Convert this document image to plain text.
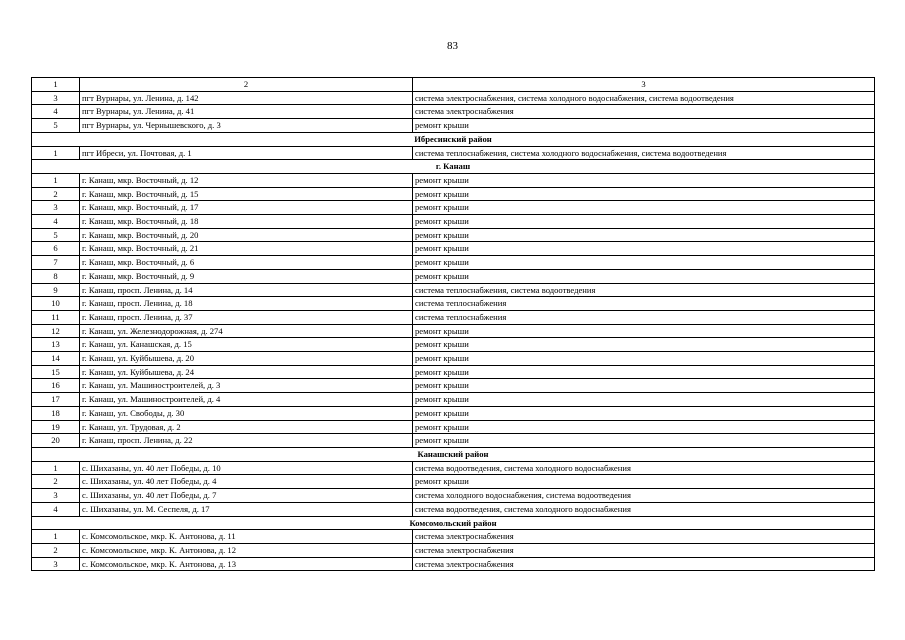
83
1	2	3
3	пгт Вурнары, ул. Ленина, д. 142	система электроснабжения, система холодного водоснабжения, система водоотведения
4	пгт Вурнары, ул. Ленина, д. 41	система электроснабжения
5	пгт Вурнары, ул. Чернышевского, д. 3	ремонт крыши
Ибресинский район		
1	пгт Ибреси, ул. Почтовая, д. 1	система теплоснабжения, система холодного водоснабжения, система водоотведения
г. Канаш		
1	г. Канаш, мкр. Восточный, д. 12	ремонт крыши
2	г. Канаш, мкр. Восточный, д. 15	ремонт крыши
3	г. Канаш, мкр. Восточный, д. 17	ремонт крыши
4	г. Канаш, мкр. Восточный, д. 18	ремонт крыши
5	г. Канаш, мкр. Восточный, д. 20	ремонт крыши
6	г. Канаш, мкр. Восточный, д. 21	ремонт крыши
7	г. Канаш, мкр. Восточный, д. 6	ремонт крыши
8	г. Канаш, мкр. Восточный, д. 9	ремонт крыши
9	г. Канаш, просп. Ленина, д. 14	система теплоснабжения, система водоотведения
10	г. Канаш, просп. Ленина, д. 18	система теплоснабжения
11	г. Канаш, просп. Ленина, д. 37	система теплоснабжения
12	г. Канаш, ул. Железнодорожная, д. 274	ремонт крыши
13	г. Канаш, ул. Канашская, д. 15	ремонт крыши
14	г. Канаш, ул. Куйбышева, д. 20	ремонт крыши
15	г. Канаш, ул. Куйбышева, д. 24	ремонт крыши
16	г. Канаш, ул. Машиностроителей, д. 3	ремонт крыши
17	г. Канаш, ул. Машиностроителей, д. 4	ремонт крыши
18	г. Канаш, ул. Свободы, д. 30	ремонт крыши
19	г. Канаш, ул. Трудовая, д. 2	ремонт крыши
20	г. Канаш, просп. Ленина, д. 22	ремонт крыши
Канашский район		
1	с. Шихазаны, ул. 40 лет Победы, д. 10	система водоотведения, система холодного водоснабжения
2	с. Шихазаны, ул. 40 лет Победы, д. 4	ремонт крыши
3	с. Шихазаны, ул. 40 лет Победы, д. 7	система холодного водоснабжения, система водоотведения
4	с. Шихазаны, ул. М. Сеспеля, д. 17	система водоотведения, система холодного водоснабжения
Комсомольский район		
1	с. Комсомольское, мкр. К. Антонова, д. 11	система электроснабжения
2	с. Комсомольское, мкр. К. Антонова, д. 12	система электроснабжения
3	с. Комсомольское, мкр. К. Антонова, д. 13	система электроснабжения
